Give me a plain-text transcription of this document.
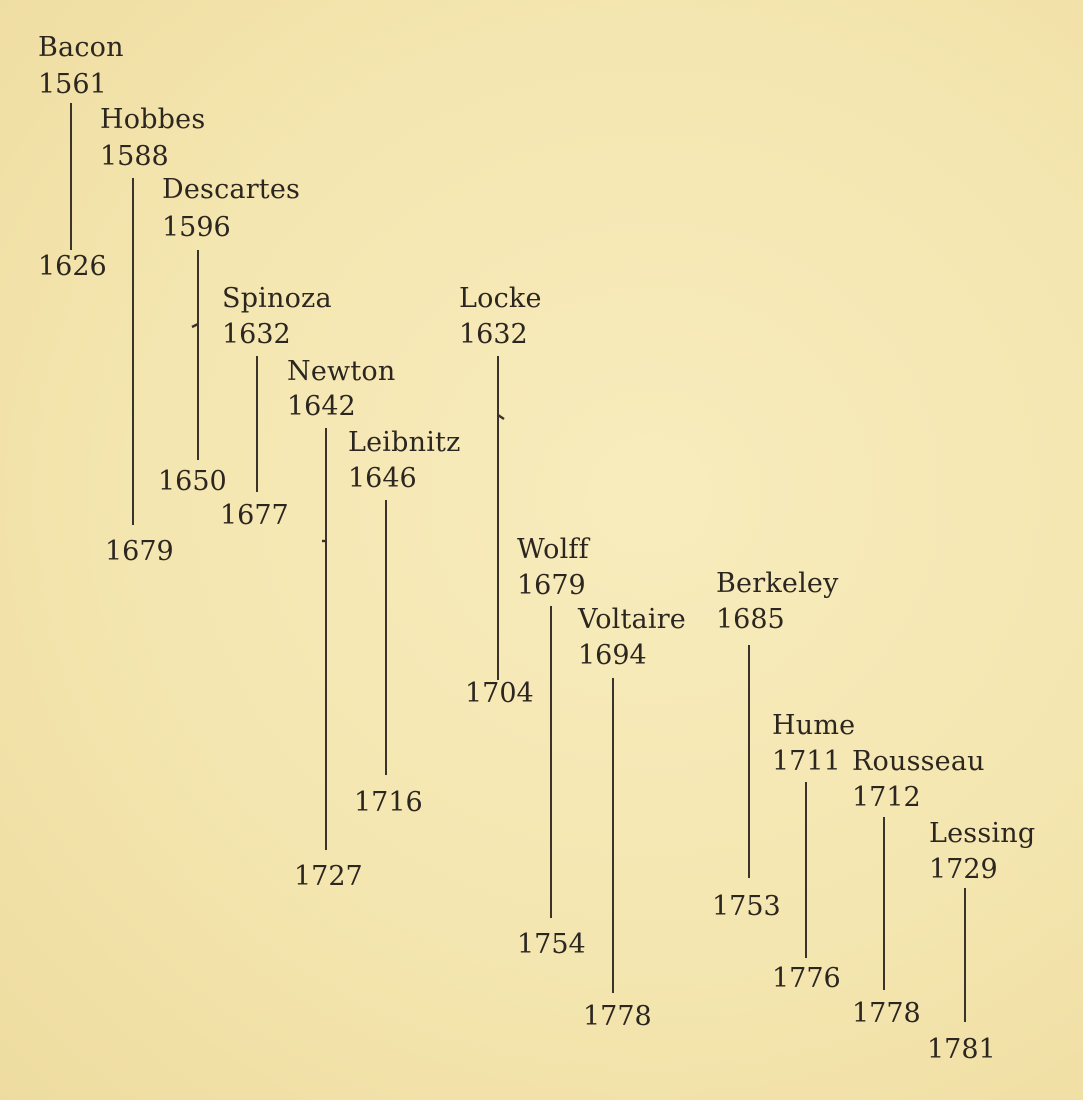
Bacon
1561
1626
Hobbes
1588
1679
Descartes
1596
1650
Spinoza
1632
1677
Locke
1632
1704
Newton
1642
1727
Leibnitz
1646
1716
Wolff
1679
1754
Voltaire
1694
1778
Berkeley
1685
1753
Hume
1711
1776
Rousseau
1712
1778
Lessing
1729
1781
